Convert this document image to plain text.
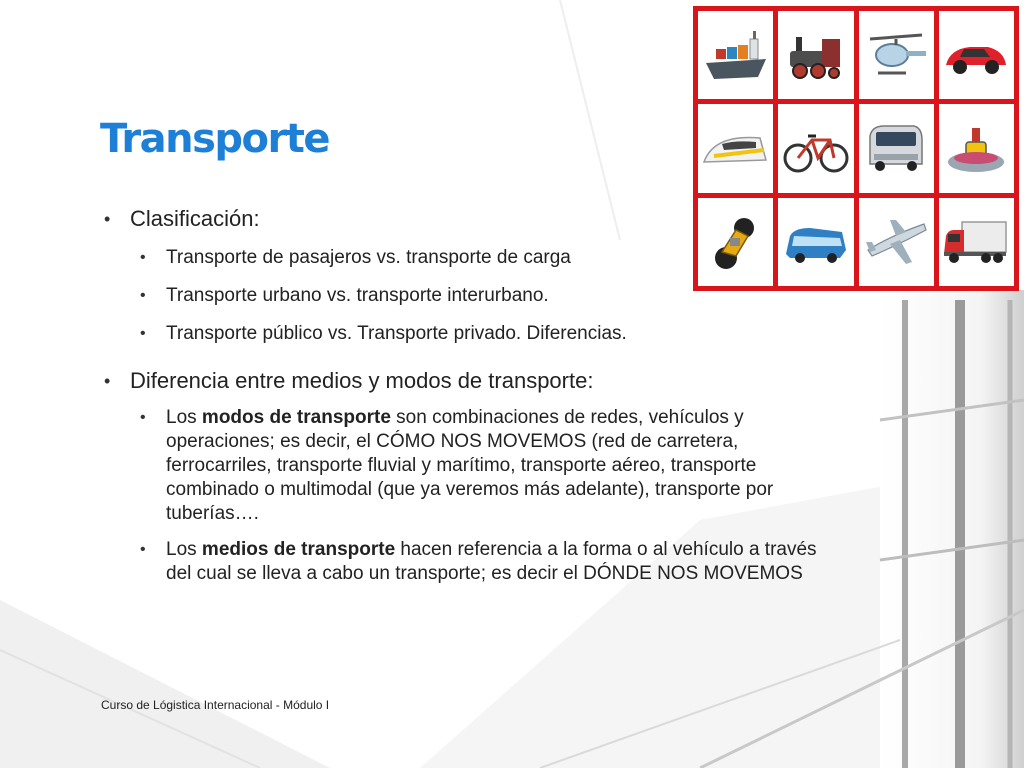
Transporte
• Clasificación:
• Transporte de pasajeros vs. transporte de carga
• Transporte urbano vs. transporte interurbano.
• Transporte público vs. Transporte privado. Diferencias.
• Diferencia entre medios y modos de transporte:
• Los modos de transporte son combinaciones de redes, vehículos y operaciones; es decir, el CÓMO NOS MOVEMOS (red de carretera, ferrocarriles, transporte fluvial y marítimo, transporte aéreo, transporte combinado o multimodal (que ya veremos más adelante), transporte por tuberías….
• Los medios de transporte hacen referencia a la forma o al vehículo a través del cual se lleva a cabo un transporte; es decir el DÓNDE NOS MOVEMOS
Curso de Lógistica Internacional - Módulo I
